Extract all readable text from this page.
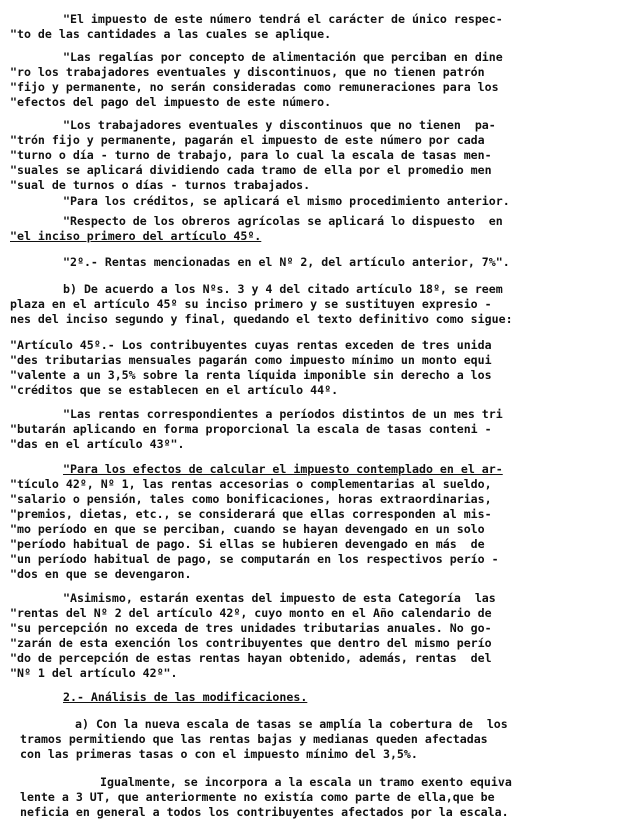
"El impuesto de este número tendrá el carácter de único respec-

"to de las cantidades a las cuales se aplique.

"Las regalías por concepto de alimentación que perciban en dine

"ro los trabajadores eventuales y discontinuos, que no tienen patrón

"fijo y permanente, no serán consideradas como remuneraciones para los

"efectos del pago del impuesto de este número.

"Los trabajadores eventuales y discontinuos que no tienen  pa-

"trón fijo y permanente, pagarán el impuesto de este número por cada

"turno o día - turno de trabajo, para lo cual la escala de tasas men-

"suales se aplicará dividiendo cada tramo de ella por el promedio men

"sual de turnos o días - turnos trabajados.

"Para los créditos, se aplicará el mismo procedimiento anterior.

"Respecto de los obreros agrícolas se aplicará lo dispuesto  en

"el inciso primero del artículo 45º.

"2º.- Rentas mencionadas en el Nº 2, del artículo anterior, 7%".

b) De acuerdo a los Nºs. 3 y 4 del citado artículo 18º, se reem

plaza en el artículo 45º su inciso primero y se sustituyen expresio -

nes del inciso segundo y final, quedando el texto definitivo como sigue:

"Artículo 45º.- Los contribuyentes cuyas rentas exceden de tres unida

"des tributarias mensuales pagarán como impuesto mínimo un monto equi

"valente a un 3,5% sobre la renta líquida imponible sin derecho a los

"créditos que se establecen en el artículo 44º.

"Las rentas correspondientes a períodos distintos de un mes tri

"butarán aplicando en forma proporcional la escala de tasas conteni -

"das en el artículo 43º".

"Para los efectos de calcular el impuesto contemplado en el ar-

"tículo 42º, Nº 1, las rentas accesorias o complementarias al sueldo,

"salario o pensión, tales como bonificaciones, horas extraordinarias,

"premios, dietas, etc., se considerará que ellas corresponden al mis-

"mo período en que se perciban, cuando se hayan devengado en un solo

"período habitual de pago. Si ellas se hubieren devengado en más  de

"un período habitual de pago, se computarán en los respectivos perío -

"dos en que se devengaron.

"Asimismo, estarán exentas del impuesto de esta Categoría  las

"rentas del Nº 2 del artículo 42º, cuyo monto en el Año calendario de

"su percepción no exceda de tres unidades tributarias anuales. No go-

"zarán de esta exención los contribuyentes que dentro del mismo perío

"do de percepción de estas rentas hayan obtenido, además, rentas  del

"Nº 1 del artículo 42º".

2.- Análisis de las modificaciones.

a) Con la nueva escala de tasas se amplía la cobertura de  los

tramos permitiendo que las rentas bajas y medianas queden afectadas

con las primeras tasas o con el impuesto mínimo del 3,5%.

Igualmente, se incorpora a la escala un tramo exento equiva

lente a 3 UT, que anteriormente no existía como parte de ella,que be

neficia en general a todos los contribuyentes afectados por la escala.
